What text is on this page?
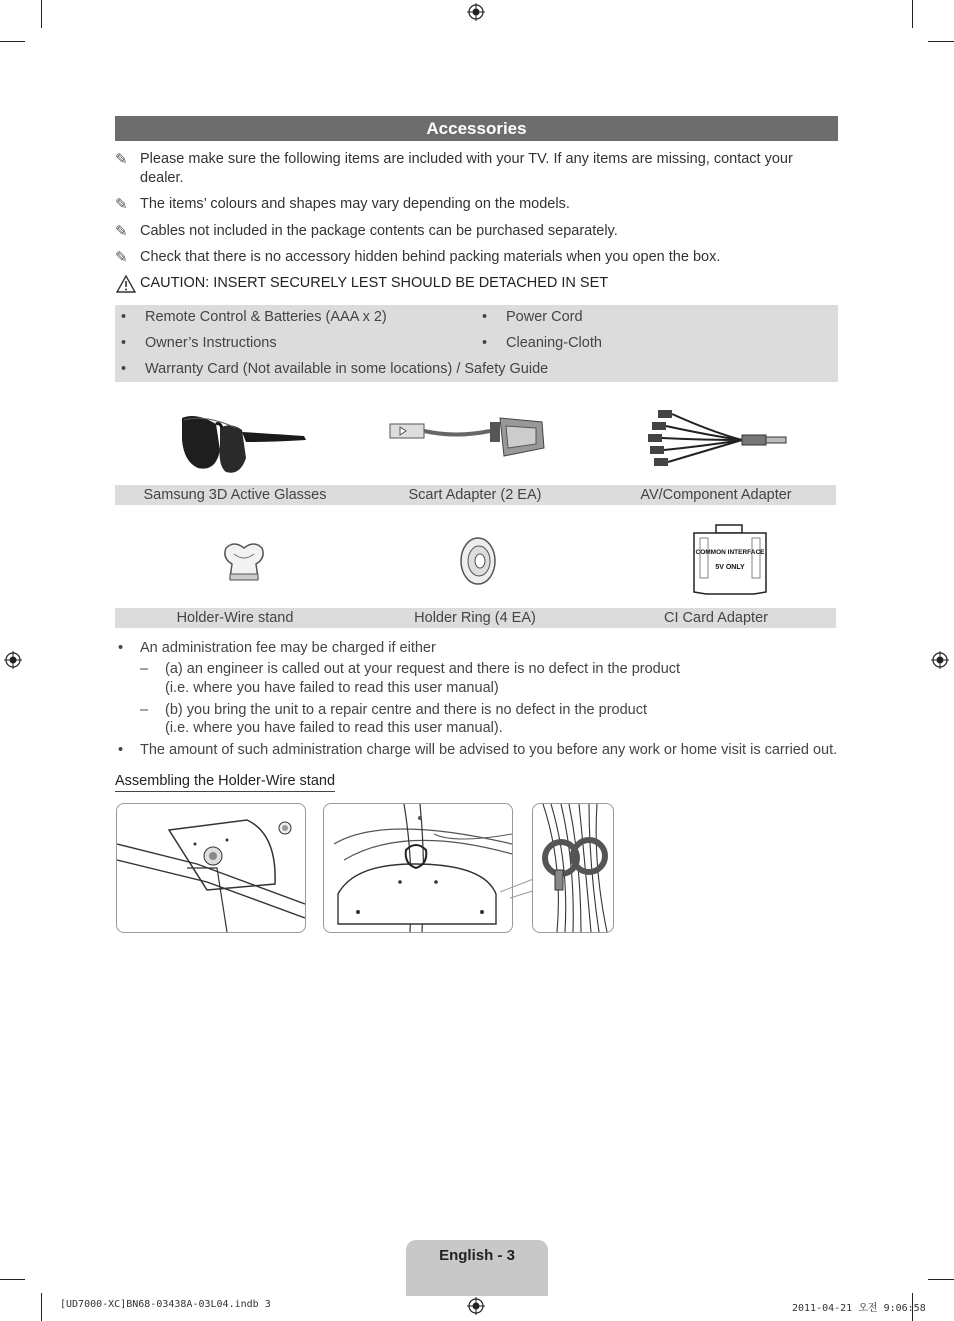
Accessories
✎ Please make sure the following items are included with your TV. If any items are missing, contact your dealer.
✎ The items’ colours and shapes may vary depending on the models.
✎ Cables not included in the package contents can be purchased separately.
✎ Check that there is no accessory hidden behind packing materials when you open the box.
CAUTION: INSERT SECURELY LEST SHOULD BE DETACHED IN SET
• Remote Control & Batteries (AAA x 2)	• Power Cord
• Owner’s Instructions	• Cleaning-Cloth
• Warranty Card (Not available in some locations) / Safety Guide
Samsung 3D Active Glasses	Scart Adapter (2 EA)	AV/Component Adapter
COMMON INTERFACE
5V ONLY
Holder-Wire stand	Holder Ring (4 EA)	CI Card Adapter
• An administration fee may be charged if either
– (a) an engineer is called out at your request and there is no defect in the product
(i.e. where you have failed to read this user manual)
– (b) you bring the unit to a repair centre and there is no defect in the product
(i.e. where you have failed to read this user manual).
• The amount of such administration charge will be advised to you before any work or home visit is carried out.
Assembling the Holder-Wire stand
English - 3
[UD7000-XC]BN68-03438A-03L04.indb 3	2011-04-21 오전 9:06:58
